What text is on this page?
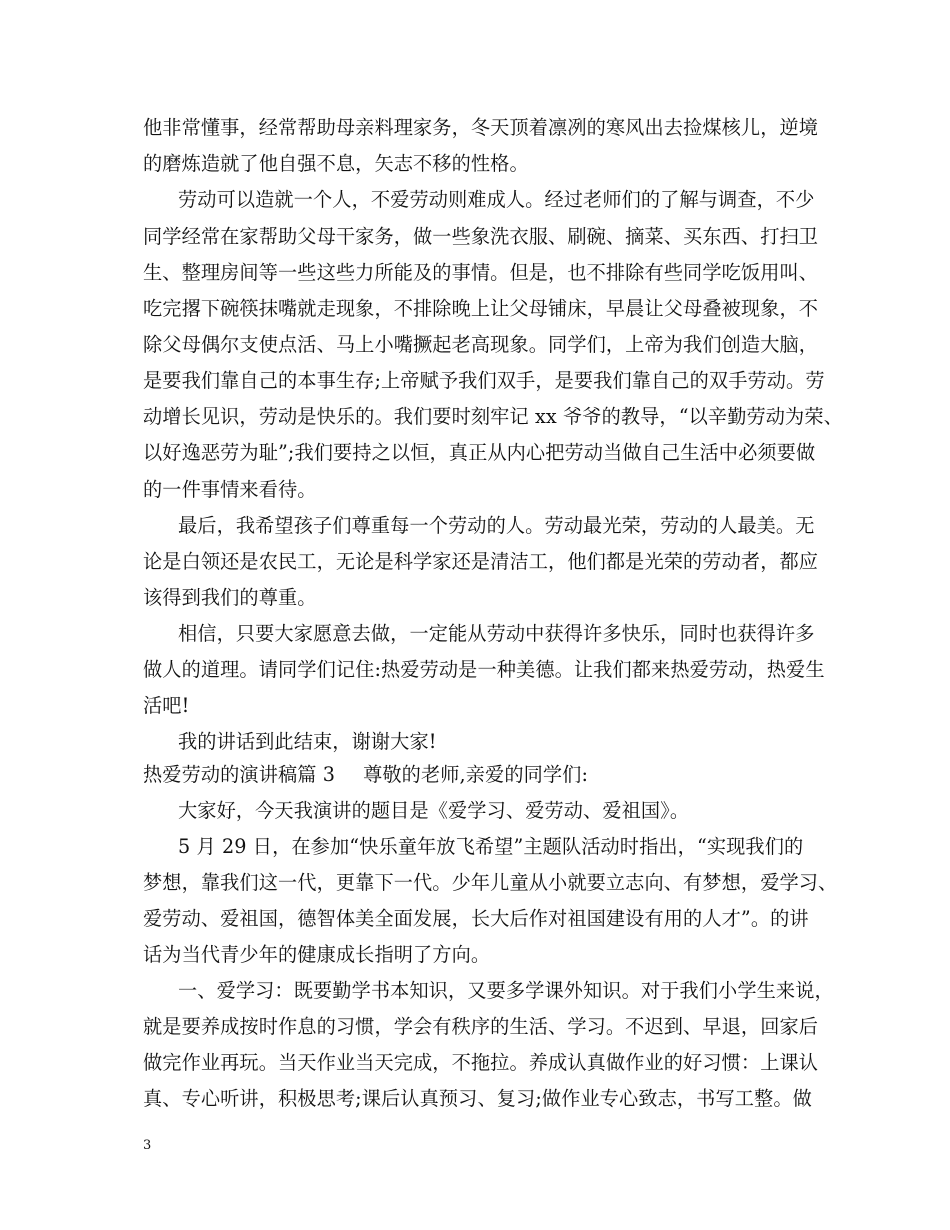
他非常懂事，经常帮助母亲料理家务，冬天顶着凛冽的寒风出去捡煤核儿，逆境
的磨炼造就了他自强不息，矢志不移的性格。
劳动可以造就一个人，不爱劳动则难成人。经过老师们的了解与调查，不少
同学经常在家帮助父母干家务，做一些象洗衣服、刷碗、摘菜、买东西、打扫卫
生、整理房间等一些这些力所能及的事情。但是，也不排除有些同学吃饭用叫、
吃完撂下碗筷抹嘴就走现象，不排除晚上让父母铺床，早晨让父母叠被现象，不
除父母偶尔支使点活、马上小嘴撅起老高现象。同学们，上帝为我们创造大脑，
是要我们靠自己的本事生存;上帝赋予我们双手，是要我们靠自己的双手劳动。劳
动增长见识，劳动是快乐的。我们要时刻牢记 xx 爷爷的教导，“以辛勤劳动为荣、
以好逸恶劳为耻”;我们要持之以恒，真正从内心把劳动当做自己生活中必须要做
的一件事情来看待。
最后，我希望孩子们尊重每一个劳动的人。劳动最光荣，劳动的人最美。无
论是白领还是农民工，无论是科学家还是清洁工，他们都是光荣的劳动者，都应
该得到我们的尊重。
相信，只要大家愿意去做，一定能从劳动中获得许多快乐，同时也获得许多
做人的道理。请同学们记住:热爱劳动是一种美德。让我们都来热爱劳动，热爱生
活吧!
我的讲话到此结束，谢谢大家!
热爱劳动的演讲稿篇 3 尊敬的老师,亲爱的同学们:
大家好，今天我演讲的题目是《爱学习、爱劳动、爱祖国》。
5 月 29 日，在参加“快乐童年放飞希望”主题队活动时指出，“实现我们的
梦想，靠我们这一代，更靠下一代。少年儿童从小就要立志向、有梦想，爱学习、
爱劳动、爱祖国，德智体美全面发展，长大后作对祖国建设有用的人才”。的讲
话为当代青少年的健康成长指明了方向。
一、爱学习：既要勤学书本知识，又要多学课外知识。对于我们小学生来说，
就是要养成按时作息的习惯，学会有秩序的生活、学习。不迟到、早退，回家后
做完作业再玩。当天作业当天完成，不拖拉。养成认真做作业的好习惯：上课认
真、专心听讲，积极思考;课后认真预习、复习;做作业专心致志，书写工整。做
3
